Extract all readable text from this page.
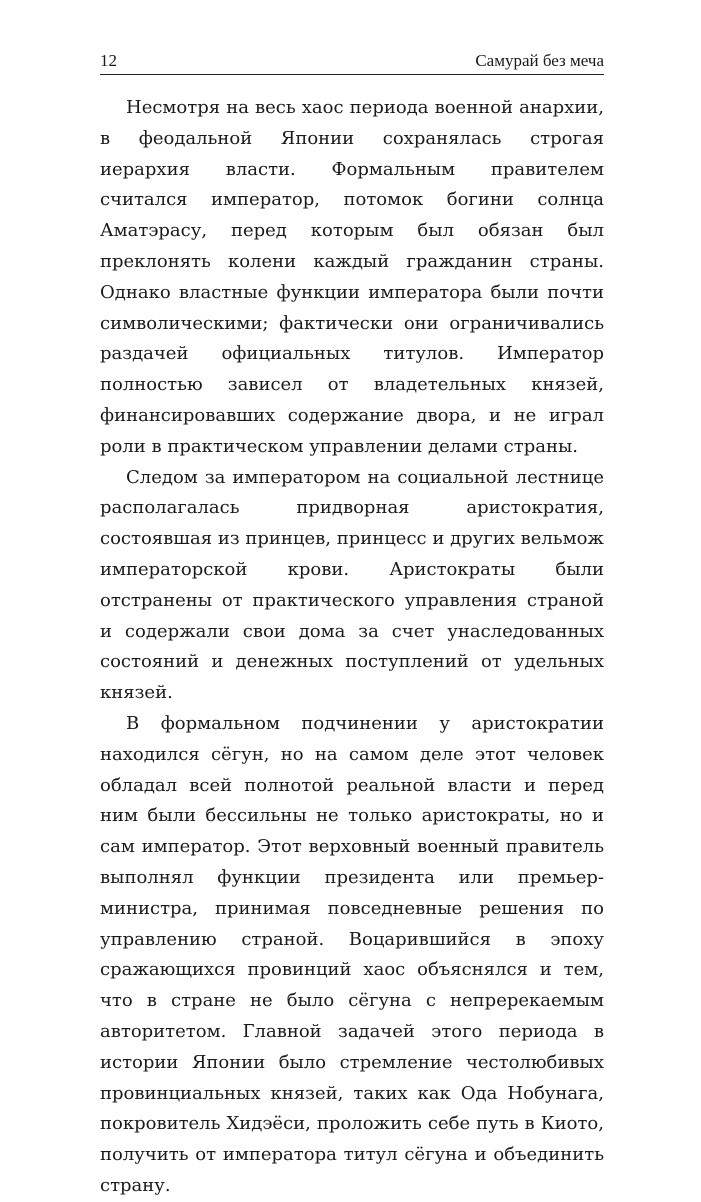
12	Самурай без меча

Несмотря на весь хаос периода военной анархии, в феодальной Японии сохранялась строгая иерархия власти. Формальным правителем считался император, потомок богини солнца Аматэрасу, перед которым был обязан был преклонять колени каждый гражданин страны. Однако властные функции императора были почти символическими; фактически они ограничивались раздачей официальных титулов. Император полностью зависел от владетельных князей, финансировавших содержание двора, и не играл роли в практическом управлении делами страны.

Следом за императором на социальной лестнице располагалась придворная аристократия, состоявшая из принцев, принцесс и других вельмож императорской крови. Аристократы были отстранены от практического управления страной и содержали свои дома за счет унаследованных состояний и денежных поступлений от удельных князей.

В формальном подчинении у аристократии находился сёгун, но на самом деле этот человек обладал всей полнотой реальной власти и перед ним были бессильны не только аристократы, но и сам император. Этот верховный военный правитель выполнял функции президента или премьер-министра, принимая повседневные решения по управлению страной. Воцарившийся в эпоху сражающихся провинций хаос объяснялся и тем, что в стране не было сёгуна с непререкаемым авторитетом. Главной задачей этого периода в истории Японии было стремление честолюбивых провинциальных князей, таких как Ода Нобунага, покровитель Хидэёси, проложить себе путь в Киото, получить от императора титул сёгуна и объединить страну.
